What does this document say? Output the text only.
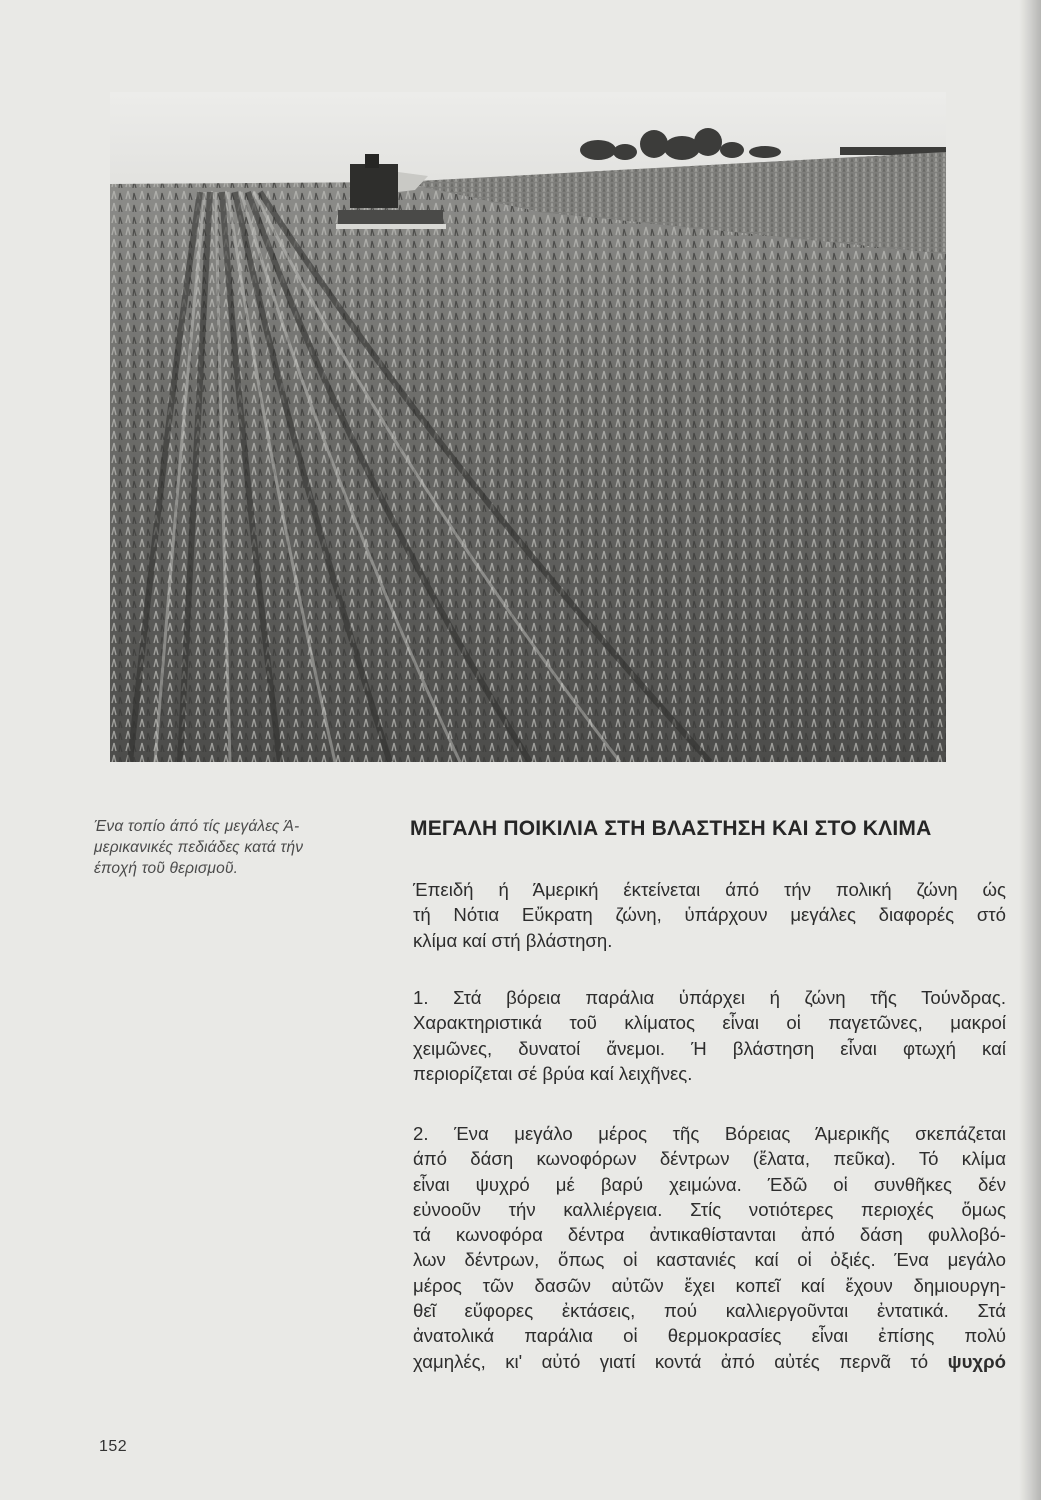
Ένα τοπίο άπό τίς μεγάλες Ά-
μερικανικές πεδιάδες κατά τήν
έποχή τοῦ θερισμοῦ.
ΜΕΓΑΛΗ ΠΟΙΚΙΛΙΑ ΣΤΗ ΒΛΑΣΤΗΣΗ ΚΑΙ ΣΤΟ ΚΛΙΜΑ
Έπειδή ή Άμερική έκτείνεται άπό τήν πολική ζώνη ώς
τή Νότια Εὔκρατη ζώνη, ὑπάρχουν μεγάλες διαφορές στό
κλίμα καί στή βλάστηση.
1. Στά βόρεια παράλια ὑπάρχει ή ζώνη τῆς Τούνδρας.
Χαρακτηριστικά τοῦ κλίματος εἶναι οἱ παγετῶνες, μακροί
χειμῶνες, δυνατοί ἄνεμοι. Ή βλάστηση εἶναι φτωχή καί
περιορίζεται σέ βρύα καί λειχῆνες.
2. Ένα μεγάλο μέρος τῆς Βόρειας Άμερικῆς σκεπάζεται
άπό δάση κωνοφόρων δέντρων (ἔλατα, πεῦκα). Τό κλίμα
εἶναι ψυχρό μέ βαρύ χειμώνα. Έδῶ οἱ συνθῆκες δέν
εὐνοοῦν τήν καλλιέργεια. Στίς νοτιότερες περιοχές ὅμως
τά κωνοφόρα δέντρα ἀντικαθίστανται ἀπό δάση φυλλοβό-
λων δέντρων, ὅπως οἱ καστανιές καί οἱ ὀξιές. Ένα μεγάλο
μέρος τῶν δασῶν αὐτῶν ἔχει κοπεῖ καί ἔχουν δημιουργη-
θεῖ εὔφορες ἐκτάσεις, πού καλλιεργοῦνται ἐντατικά. Στά
ἀνατολικά παράλια οἱ θερμοκρασίες εἶναι ἐπίσης πολύ
χαμηλές, κι' αὐτό γιατί κοντά ἀπό αὐτές περνᾶ τό ψυχρό
152
